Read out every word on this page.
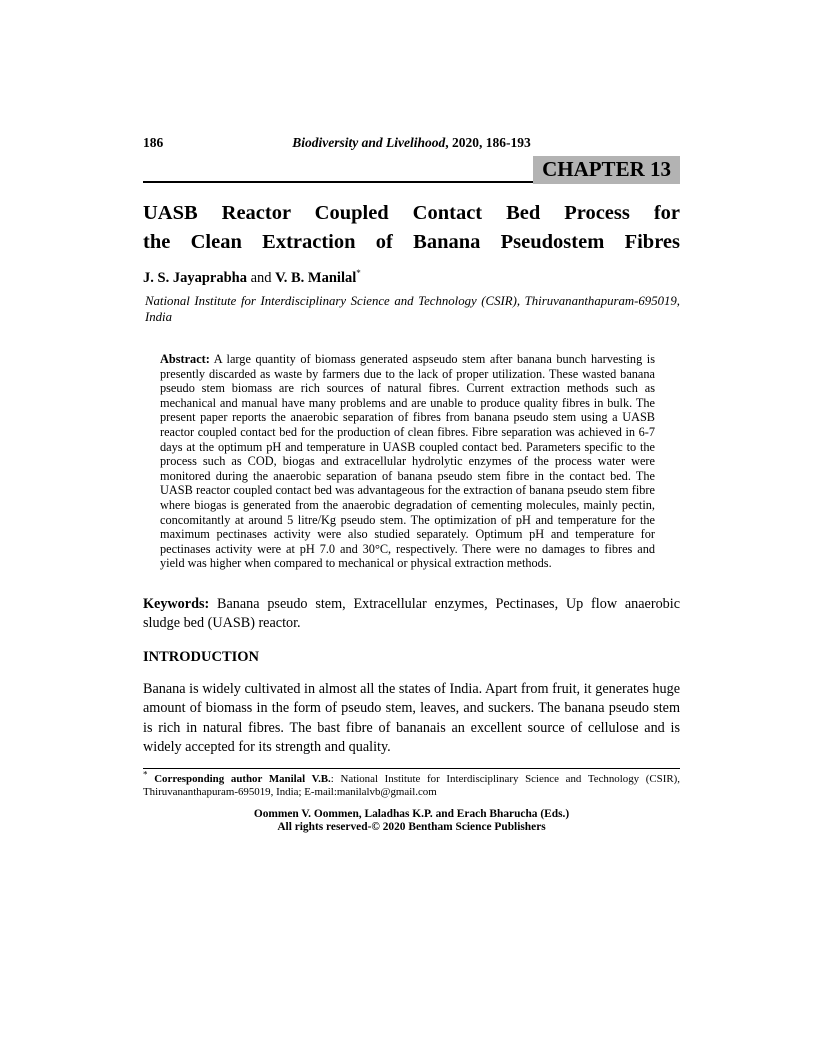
186	Biodiversity and Livelihood, 2020, 186-193
CHAPTER 13
UASB Reactor Coupled Contact Bed Process for
the Clean Extraction of Banana Pseudostem Fibres
J. S. Jayaprabha and V. B. Manilal*
National Institute for Interdisciplinary Science and Technology (CSIR), Thiruvananthapuram-695019, India
Abstract: A large quantity of biomass generated aspseudo stem after banana bunch harvesting is presently discarded as waste by farmers due to the lack of proper utilization. These wasted banana pseudo stem biomass are rich sources of natural fibres. Current extraction methods such as mechanical and manual have many problems and are unable to produce quality fibres in bulk. The present paper reports the anaerobic separation of fibres from banana pseudo stem using a UASB reactor coupled contact bed for the production of clean fibres. Fibre separation was achieved in 6-7 days at the optimum pH and temperature in UASB coupled contact bed. Parameters specific to the process such as COD, biogas and extracellular hydrolytic enzymes of the process water were monitored during the anaerobic separation of banana pseudo stem fibre in the contact bed. The UASB reactor coupled contact bed was advantageous for the extraction of banana pseudo stem fibre where biogas is generated from the anaerobic degradation of cementing molecules, mainly pectin, concomitantly at around 5 litre/Kg pseudo stem. The optimization of pH and temperature for the maximum pectinases activity were also studied separately. Optimum pH and temperature for pectinases activity were at pH 7.0 and 30°C, respectively. There were no damages to fibres and yield was higher when compared to mechanical or physical extraction methods.
Keywords: Banana pseudo stem, Extracellular enzymes, Pectinases, Up flow anaerobic sludge bed (UASB) reactor.
INTRODUCTION
Banana is widely cultivated in almost all the states of India. Apart from fruit, it generates huge amount of biomass in the form of pseudo stem, leaves, and suckers. The banana pseudo stem is rich in natural fibres. The bast fibre of bananais an excellent source of cellulose and is widely accepted for its strength and quality.
* Corresponding author Manilal V.B.: National Institute for Interdisciplinary Science and Technology (CSIR), Thiruvananthapuram-695019, India; E-mail:manilalvb@gmail.com
Oommen V. Oommen, Laladhas K.P. and Erach Bharucha (Eds.)
All rights reserved-© 2020 Bentham Science Publishers
